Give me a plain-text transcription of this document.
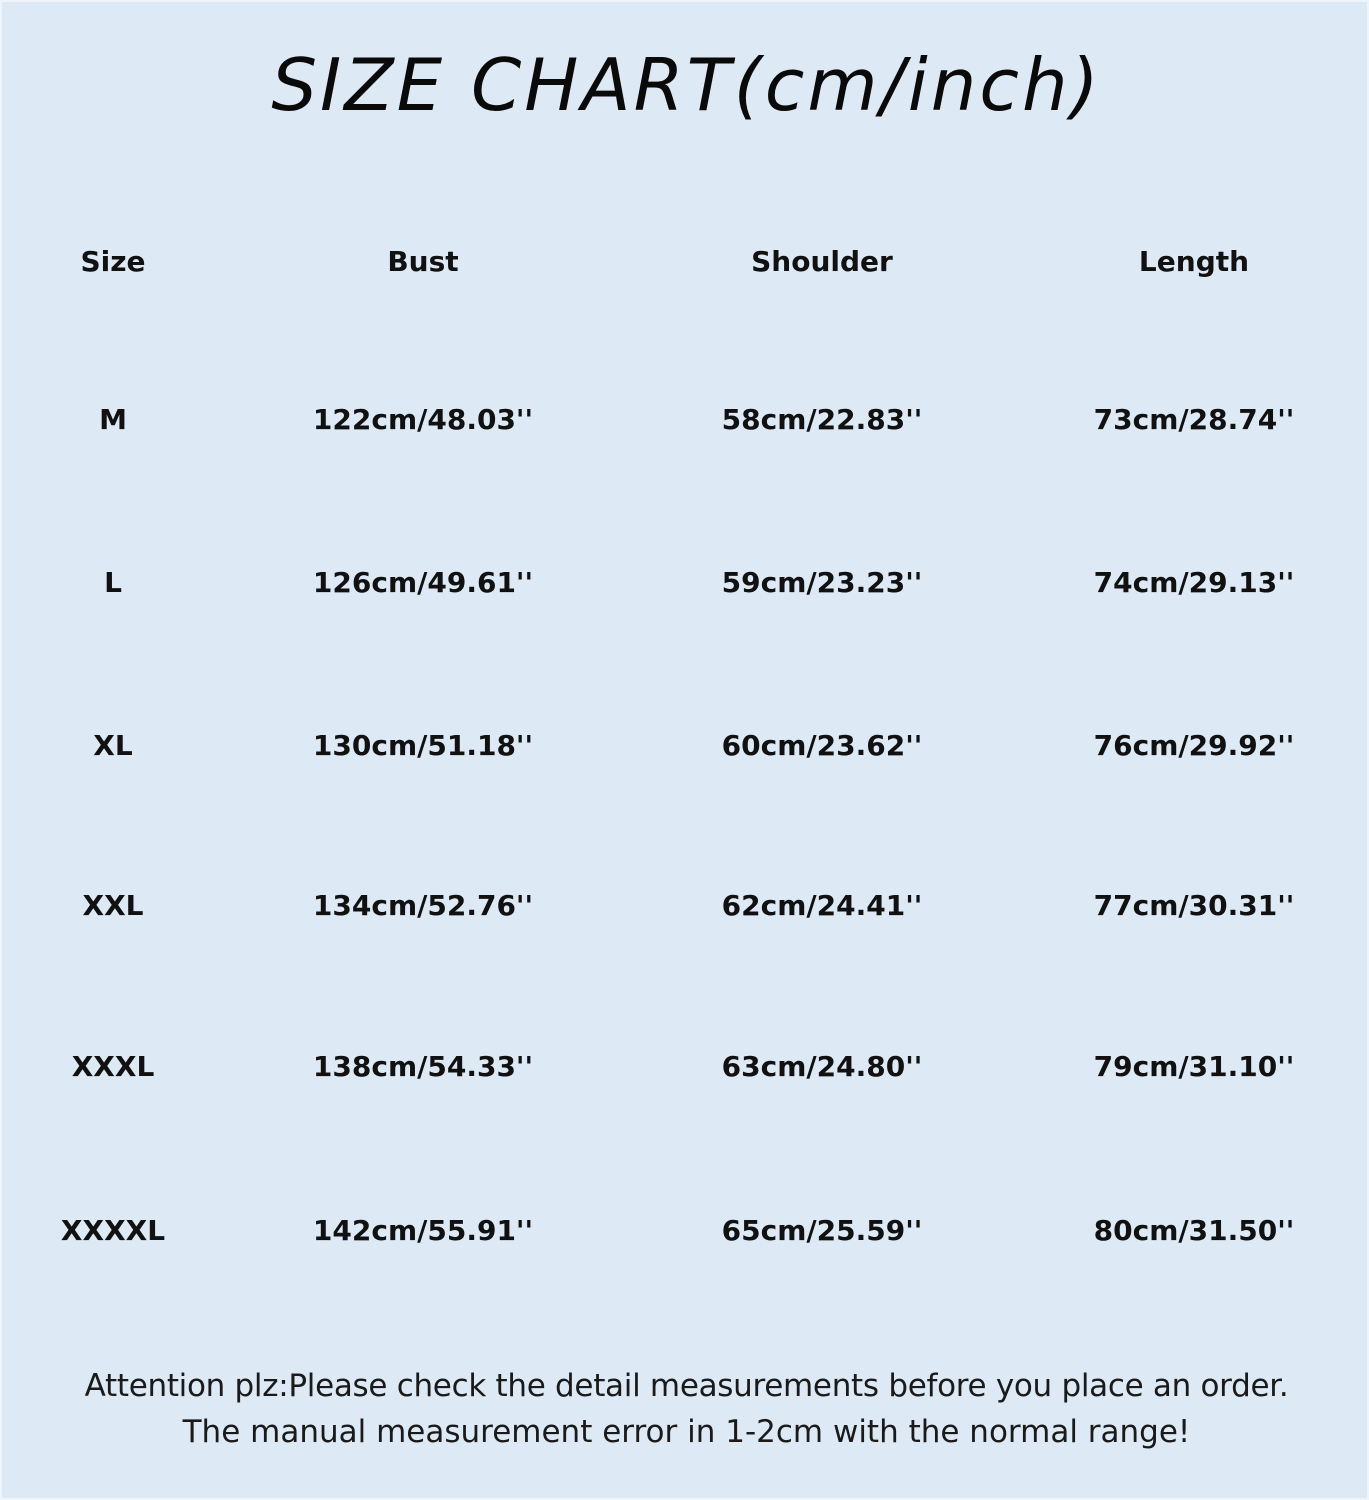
SIZE CHART(cm/inch)
Size	Bust	Shoulder	Length
M	122cm/48.03''	58cm/22.83''	73cm/28.74''
L	126cm/49.61''	59cm/23.23''	74cm/29.13''
XL	130cm/51.18''	60cm/23.62''	76cm/29.92''
XXL	134cm/52.76''	62cm/24.41''	77cm/30.31''
XXXL	138cm/54.33''	63cm/24.80''	79cm/31.10''
XXXXL	142cm/55.91''	65cm/25.59''	80cm/31.50''
Attention plz:Please check the detail measurements before you place an order.
The manual measurement error in 1-2cm with the normal range!
